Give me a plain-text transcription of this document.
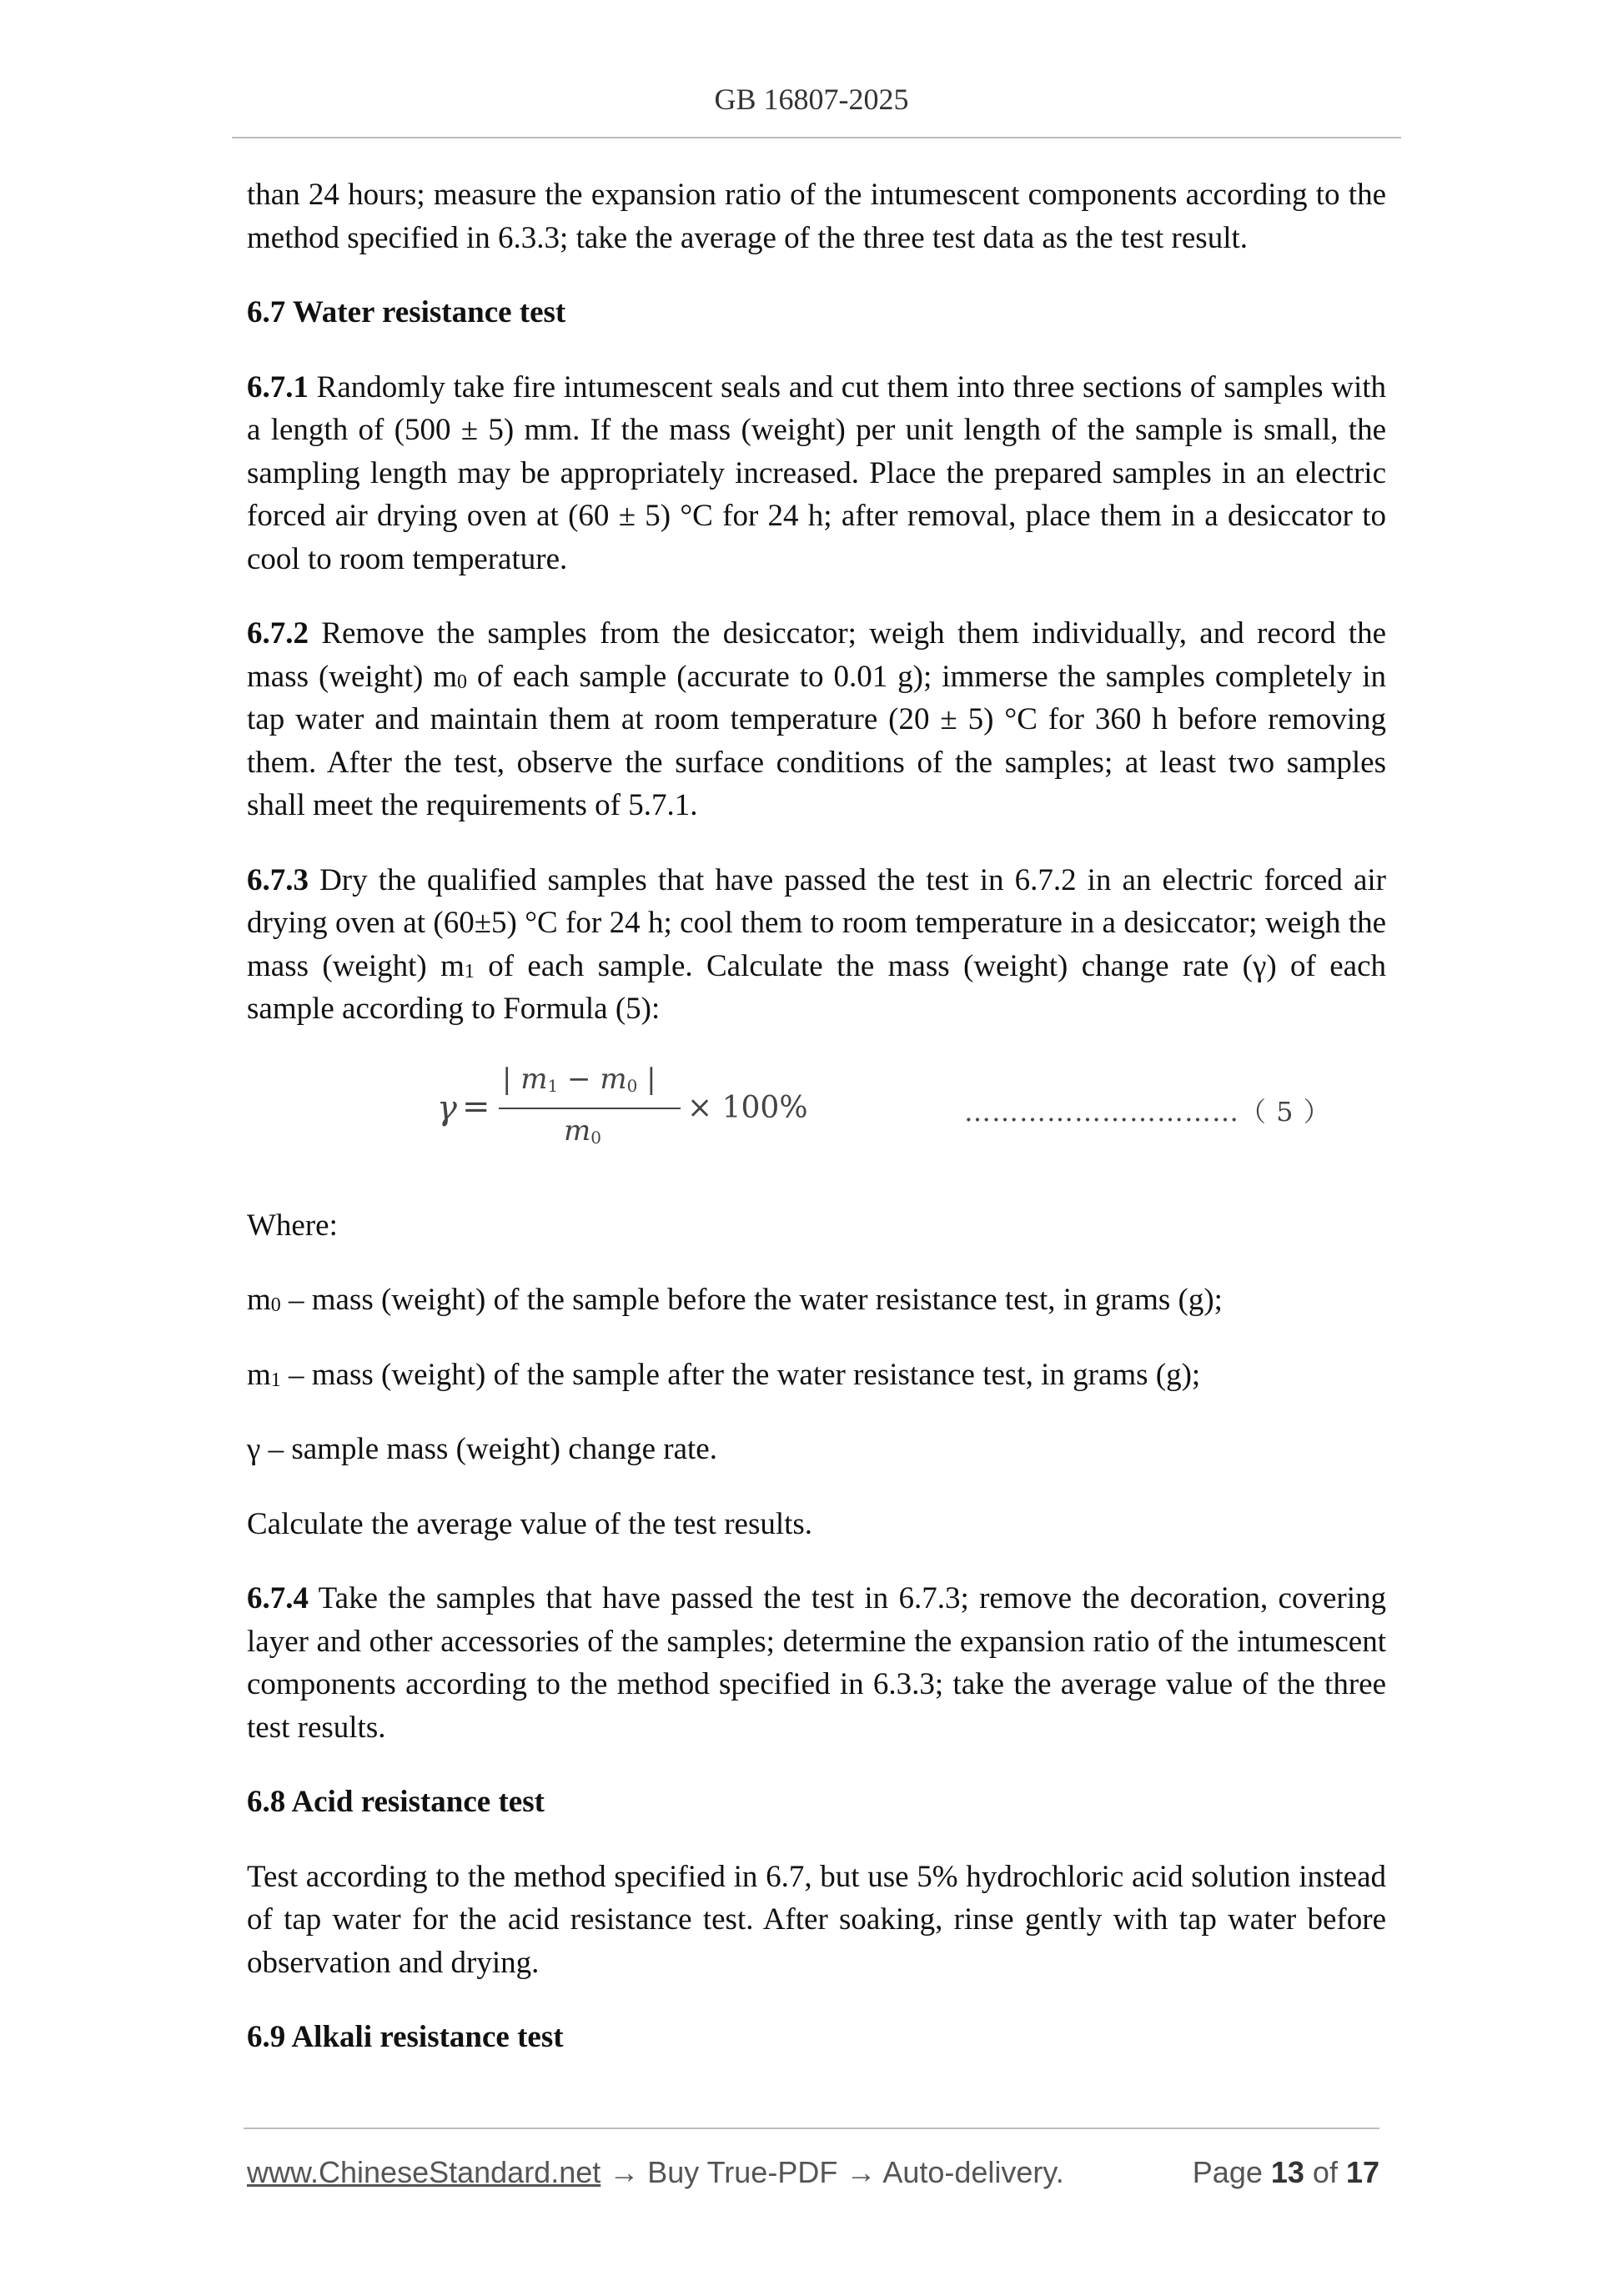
GB 16807-2025

than 24 hours; measure the expansion ratio of the intumescent components according to the method specified in 6.3.3; take the average of the three test data as the test result.

6.7 Water resistance test

6.7.1 Randomly take fire intumescent seals and cut them into three sections of samples with a length of (500 ± 5) mm. If the mass (weight) per unit length of the sample is small, the sampling length may be appropriately increased. Place the prepared samples in an electric forced air drying oven at (60 ± 5) °C for 24 h; after removal, place them in a desiccator to cool to room temperature.

6.7.2 Remove the samples from the desiccator; weigh them individually, and record the mass (weight) $m_0$ of each sample (accurate to 0.01 g); immerse the samples completely in tap water and maintain them at room temperature (20 ± 5) °C for 360 h before removing them. After the test, observe the surface conditions of the samples; at least two samples shall meet the requirements of 5.7.1.

6.7.3 Dry the qualified samples that have passed the test in 6.7.2 in an electric forced air drying oven at (60±5) °C for 24 h; cool them to room temperature in a desiccator; weigh the mass (weight) $m_1$ of each sample. Calculate the mass (weight) change rate (γ) of each sample according to Formula (5):

γ =
| $m_1 - m_0$ |
$m_0$
× 100%	…………………………（ 5 ）

Where:

$m_0$ – mass (weight) of the sample before the water resistance test, in grams (g);

$m_1$ – mass (weight) of the sample after the water resistance test, in grams (g);

γ – sample mass (weight) change rate.

Calculate the average value of the test results.

6.7.4 Take the samples that have passed the test in 6.7.3; remove the decoration, covering layer and other accessories of the samples; determine the expansion ratio of the intumescent components according to the method specified in 6.3.3; take the average value of the three test results.

6.8 Acid resistance test

Test according to the method specified in 6.7, but use 5% hydrochloric acid solution instead of tap water for the acid resistance test. After soaking, rinse gently with tap water before observation and drying.

6.9 Alkali resistance test

www.ChineseStandard.net → Buy True-PDF → Auto-delivery.	Page 13 of 17
